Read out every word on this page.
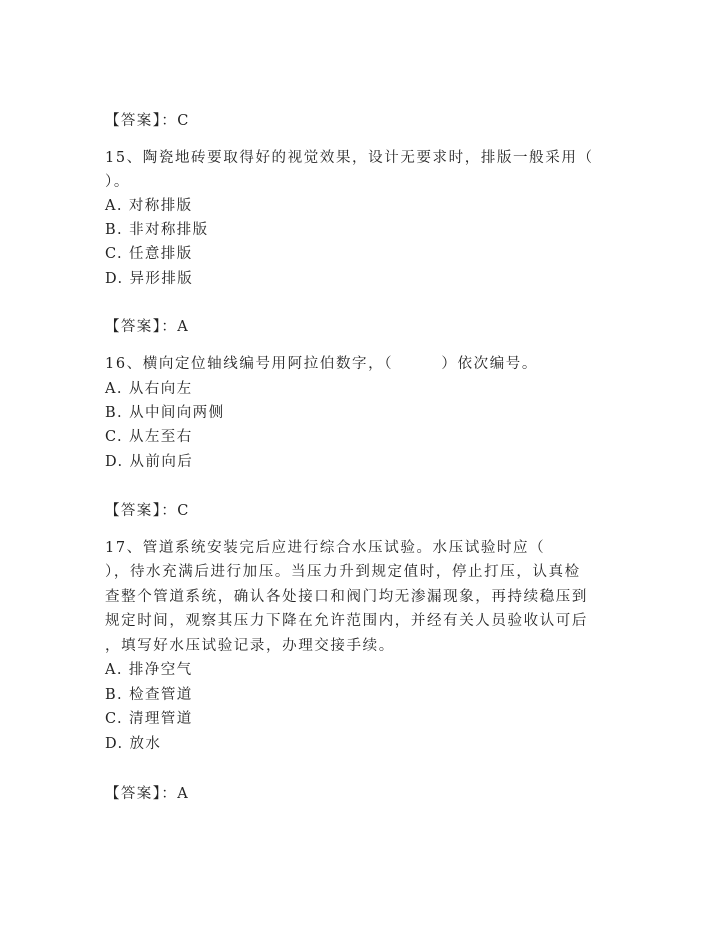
【答案】：C
15、陶瓷地砖要取得好的视觉效果，设计无要求时，排版一般采用（
）。
A. 对称排版
B. 非对称排版
C. 任意排版
D. 异形排版
【答案】：A
16、横向定位轴线编号用阿拉伯数字，（　　　）依次编号。
A. 从右向左
B. 从中间向两侧
C. 从左至右
D. 从前向后
【答案】：C
17、管道系统安装完后应进行综合水压试验。水压试验时应（
），待水充满后进行加压。当压力升到规定值时，停止打压，认真检
查整个管道系统，确认各处接口和阀门均无渗漏现象，再持续稳压到
规定时间，观察其压力下降在允许范围内，并经有关人员验收认可后
，填写好水压试验记录，办理交接手续。
A. 排净空气
B. 检查管道
C. 清理管道
D. 放水
【答案】：A
